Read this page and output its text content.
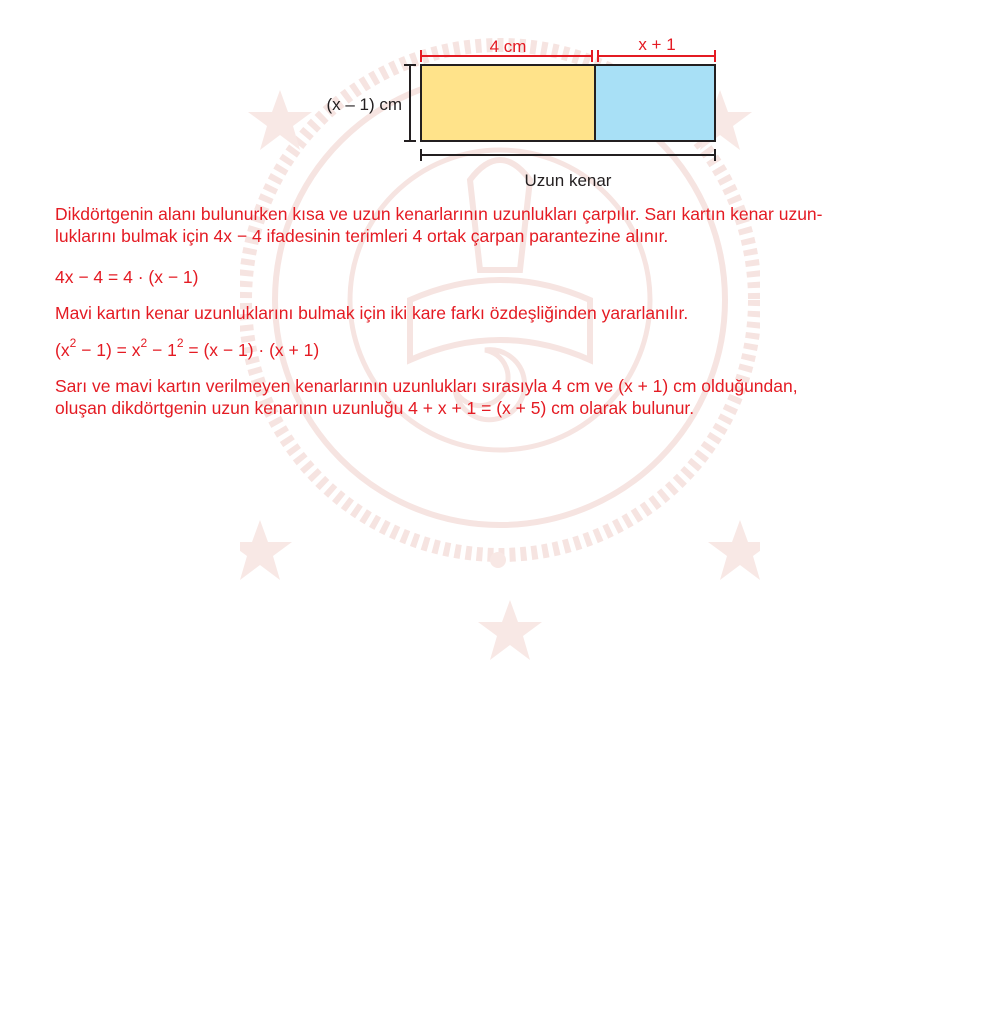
4 cm	x + 1
(x – 1) cm
Uzun kenar

Dikdörtgenin alanı bulunurken kısa ve uzun kenarlarının uzunlukları çarpılır. Sarı kartın kenar uzun-
luklarını bulmak için 4x − 4 ifadesinin terimleri 4 ortak çarpan parantezine alınır.

4x − 4 = 4 · (x − 1)

Mavi kartın kenar uzunluklarını bulmak için iki kare farkı özdeşliğinden yararlanılır.

$(x^2 - 1) = x^2 - 1^2 = (x - 1) \cdot (x + 1)$

Sarı ve mavi kartın verilmeyen kenarlarının uzunlukları sırasıyla 4 cm ve (x + 1) cm olduğundan,
oluşan dikdörtgenin uzun kenarının uzunluğu 4 + x + 1 = (x + 5) cm olarak bulunur.
